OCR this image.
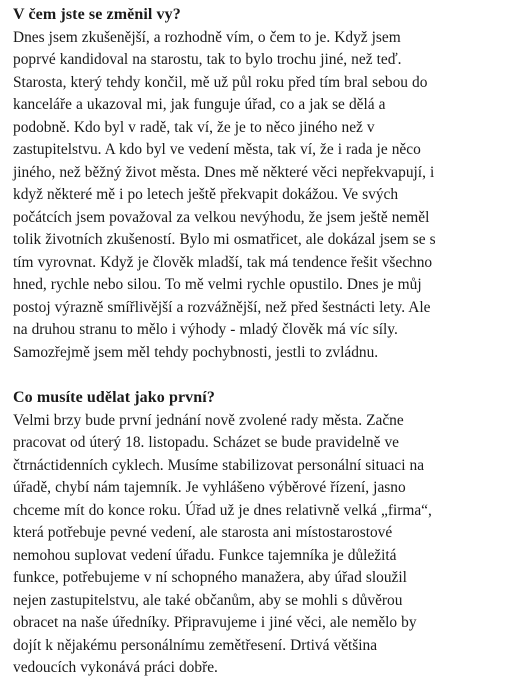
V čem jste se změnil vy?

Dnes jsem zkušenější, a rozhodně vím, o čem to je. Když jsem
poprvé kandidoval na starostu, tak to bylo trochu jiné, než teď.
Starosta, který tehdy končil, mě už půl roku před tím bral sebou do
kanceláře a ukazoval mi, jak funguje úřad, co a jak se dělá a
podobně. Kdo byl v radě, tak ví, že je to něco jiného než v
zastupitelstvu. A kdo byl ve vedení města, tak ví, že i rada je něco
jiného, než běžný život města. Dnes mě některé věci nepřekvapují, i
když některé mě i po letech ještě překvapit dokážou. Ve svých
počátcích jsem považoval za velkou nevýhodu, že jsem ještě neměl
tolik životních zkušeností. Bylo mi osmatřicet, ale dokázal jsem se s
tím vyrovnat. Když je člověk mladší, tak má tendence řešit všechno
hned, rychle nebo silou. To mě velmi rychle opustilo. Dnes je můj
postoj výrazně smířlivější a rozvážnější, než před šestnácti lety. Ale
na druhou stranu to mělo i výhody - mladý člověk má víc síly.
Samozřejmě jsem měl tehdy pochybnosti, jestli to zvládnu.

Co musíte udělat jako první?

Velmi brzy bude první jednání nově zvolené rady města. Začne
pracovat od úterý 18. listopadu. Scházet se bude pravidelně ve
čtrnáctidenních cyklech. Musíme stabilizovat personální situaci na
úřadě, chybí nám tajemník. Je vyhlášeno výběrové řízení, jasno
chceme mít do konce roku. Úřad už je dnes relativně velká „firma“,
která potřebuje pevné vedení, ale starosta ani místostarostové
nemohou suplovat vedení úřadu. Funkce tajemníka je důležitá
funkce, potřebujeme v ní schopného manažera, aby úřad sloužil
nejen zastupitelstvu, ale také občanům, aby se mohli s důvěrou
obracet na naše úředníky. Připravujeme i jiné věci, ale nemělo by
dojít k nějakému personálnímu zemětřesení. Drtivá většina
vedoucích vykonává práci dobře.
